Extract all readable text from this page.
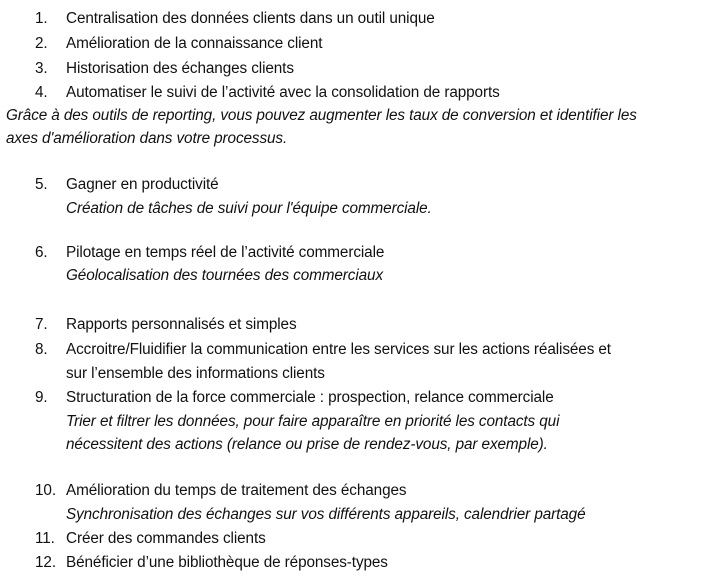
1. Centralisation des données clients dans un outil unique
2. Amélioration de la connaissance client
3. Historisation des échanges clients
4. Automatiser le suivi de l’activité avec la consolidation de rapports
Grâce à des outils de reporting, vous pouvez augmenter les taux de conversion et identifier les
axes d'amélioration dans votre processus.
5. Gagner en productivité
Création de tâches de suivi pour l'équipe commerciale.
6. Pilotage en temps réel de l’activité commerciale
Géolocalisation des tournées des commerciaux
7. Rapports personnalisés et simples
8. Accroitre/Fluidifier la communication entre les services sur les actions réalisées et
sur l’ensemble des informations clients
9. Structuration de la force commerciale : prospection, relance commerciale
Trier et filtrer les données, pour faire apparaître en priorité les contacts qui
nécessitent des actions (relance ou prise de rendez-vous, par exemple).
10. Amélioration du temps de traitement des échanges
Synchronisation des échanges sur vos différents appareils, calendrier partagé
11. Créer des commandes clients
12. Bénéficier d’une bibliothèque de réponses-types
